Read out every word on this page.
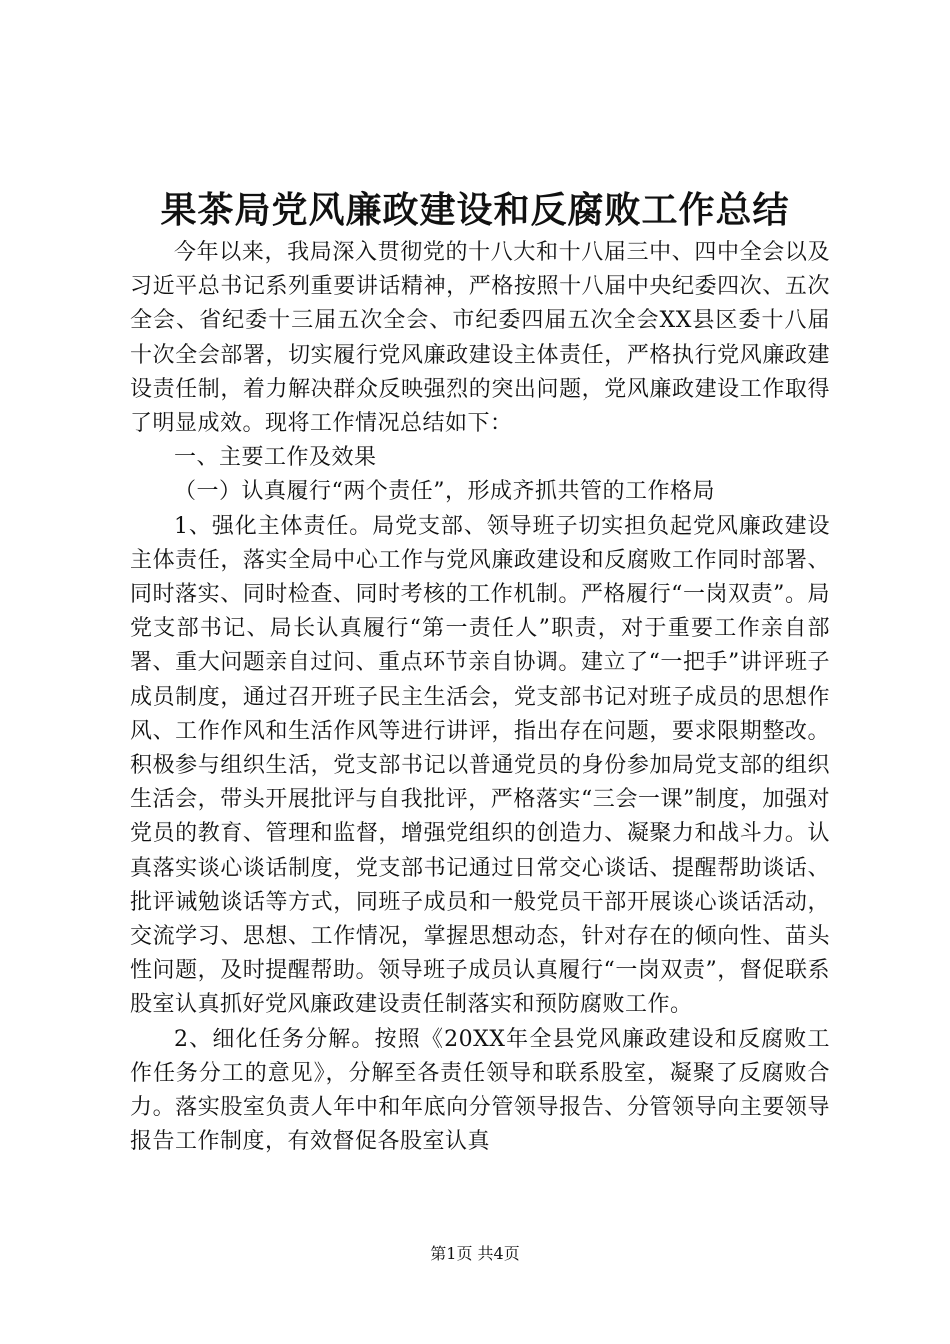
果茶局党风廉政建设和反腐败工作总结

今年以来，我局深入贯彻党的十八大和十八届三中、四中全会以及习近平总书记系列重要讲话精神，严格按照十八届中央纪委四次、五次全会、省纪委十三届五次全会、市纪委四届五次全会XX县区委十八届十次全会部署，切实履行党风廉政建设主体责任，严格执行党风廉政建设责任制，着力解决群众反映强烈的突出问题，党风廉政建设工作取得了明显成效。现将工作情况总结如下：

一、主要工作及效果

（一）认真履行“两个责任”，形成齐抓共管的工作格局

1、强化主体责任。局党支部、领导班子切实担负起党风廉政建设主体责任，落实全局中心工作与党风廉政建设和反腐败工作同时部署、同时落实、同时检查、同时考核的工作机制。严格履行“一岗双责”。局党支部书记、局长认真履行“第一责任人”职责，对于重要工作亲自部署、重大问题亲自过问、重点环节亲自协调。建立了“一把手”讲评班子成员制度，通过召开班子民主生活会，党支部书记对班子成员的思想作风、工作作风和生活作风等进行讲评，指出存在问题，要求限期整改。积极参与组织生活，党支部书记以普通党员的身份参加局党支部的组织生活会，带头开展批评与自我批评，严格落实“三会一课”制度，加强对党员的教育、管理和监督，增强党组织的创造力、凝聚力和战斗力。认真落实谈心谈话制度，党支部书记通过日常交心谈话、提醒帮助谈话、批评诫勉谈话等方式，同班子成员和一般党员干部开展谈心谈话活动，交流学习、思想、工作情况，掌握思想动态，针对存在的倾向性、苗头性问题，及时提醒帮助。领导班子成员认真履行“一岗双责”，督促联系股室认真抓好党风廉政建设责任制落实和预防腐败工作。

2、细化任务分解。按照《20XX年全县党风廉政建设和反腐败工作任务分工的意见》，分解至各责任领导和联系股室，凝聚了反腐败合力。落实股室负责人年中和年底向分管领导报告、分管领导向主要领导报告工作制度，有效督促各股室认真

第1页 共4页
